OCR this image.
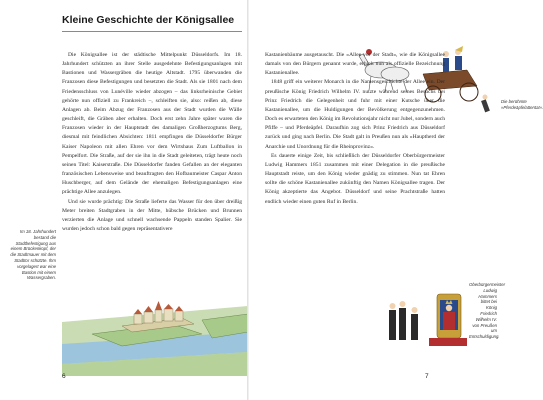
Kleine Geschichte der Königsallee

Die Königsallee ist der städtische Mittelpunkt Düsseldorfs. Im 18. Jahrhundert schützten an ihrer Stelle ausgedehnte Befestigungsanlagen mit Bastionen und Wassergräben die heutige Altstadt. 1795 überwanden die Franzosen diese Befestigungen und besetzten die Stadt. Als sie 1801 nach dem Friedensschluss von Lunéville wieder abzogen – das linksrheinische Gebiet gehörte nun offiziell zu Frankreich –, schleiften sie, also: reißen ab, diese Anlagen ab. Beim Abzug der Franzosen aus der Stadt wurden die Wälle geschleift, die Gräben aber erhalten. Doch erst zehn Jahre später waren die Franzosen wieder in der Hauptstadt des damaligen Großherzogtums Berg, diesmal mit feindlichen Absichten: 1811 empfingen die Düsseldorfer Bürger Kaiser Napoleon mit allen Ehren vor dem Wirtshaus Zum Luftballon in Pempelfort. Die Straße, auf der sie ihn in die Stadt geleiteten, trägt heute noch seinen Titel: Kaiserstraße. Die Düsseldorfer fanden Gefallen an der eleganten französischen Lebensweise und beauftragten den Hofbaumeister Caspar Anton Huschberger, auf dem Gelände der ehemaligen Befestigungsanlagen eine prächtige Allee anzulegen.

Und sie wurde prächtig: Die Straße lieferte das Wasser für den über dreißig Meter breiten Stadtgraben in der Mitte, hübsche Brücken und Brunnen verzierten die Anlage und schnell wachsende Pappeln standen Spalier. Sie wurden jedoch schon bald gegen repräsentativere

Im 18. Jahrhundert bestand die Stadtbefestigung aus einem Brückenkopf, der die Stadtmauer mit dem Stadttor schützte. Ihm vorgelagert war eine Bastion mit einem Wassergraben.

6

Die berühmte »Pferdeäpfelattentat«.

Kastanienbäume ausgetauscht. Die »Allee vor der Stadt«, wie die Königsallee damals von den Bürgern genannt wurde, erhielt nun als offizielle Bezeichnung Kastanienallee.

1848 griff ein weiterer Monarch in die Namensgeschichte der Allee ein. Der preußische König Friedrich Wilhelm IV. nutzte während seines Besuchs bei Prinz Friedrich die Gelegenheit und fuhr mit einer Kutsche über die Kastanienallee, um die Huldigungen der Bevölkerung entgegenzunehmen. Doch es erwarteten den König im Revolutionsjahr nicht nur Jubel, sondern auch Pfiffe – und Pferdeäpfel. Daraufhin zog sich Prinz Friedrich aus Düsseldorf zurück und ging nach Berlin. Die Stadt galt in Preußen nun als »Hauptherd der Anarchie und Unordnung für die Rheinprovinz«.

Es dauerte einige Zeit, bis schließlich der Düsseldorfer Oberbürgermeister Ludwig Hammers 1851 zusammen mit einer Delegation in die preußische Hauptstadt reiste, um den König wieder gnädig zu stimmen. Nun tat Ehren sollte die schöne Kastanienallee zukünftig den Namen Königsallee tragen. Der König akzeptierte das Angebot. Düsseldorf und seine Prachtstraße hatten endlich wieder einen guten Ruf in Berlin.

Oberbürgermeister Ludwig Hammers bittet bei König Friedrich Wilhelm IV. von Preußen um Entschuldigung.

7
